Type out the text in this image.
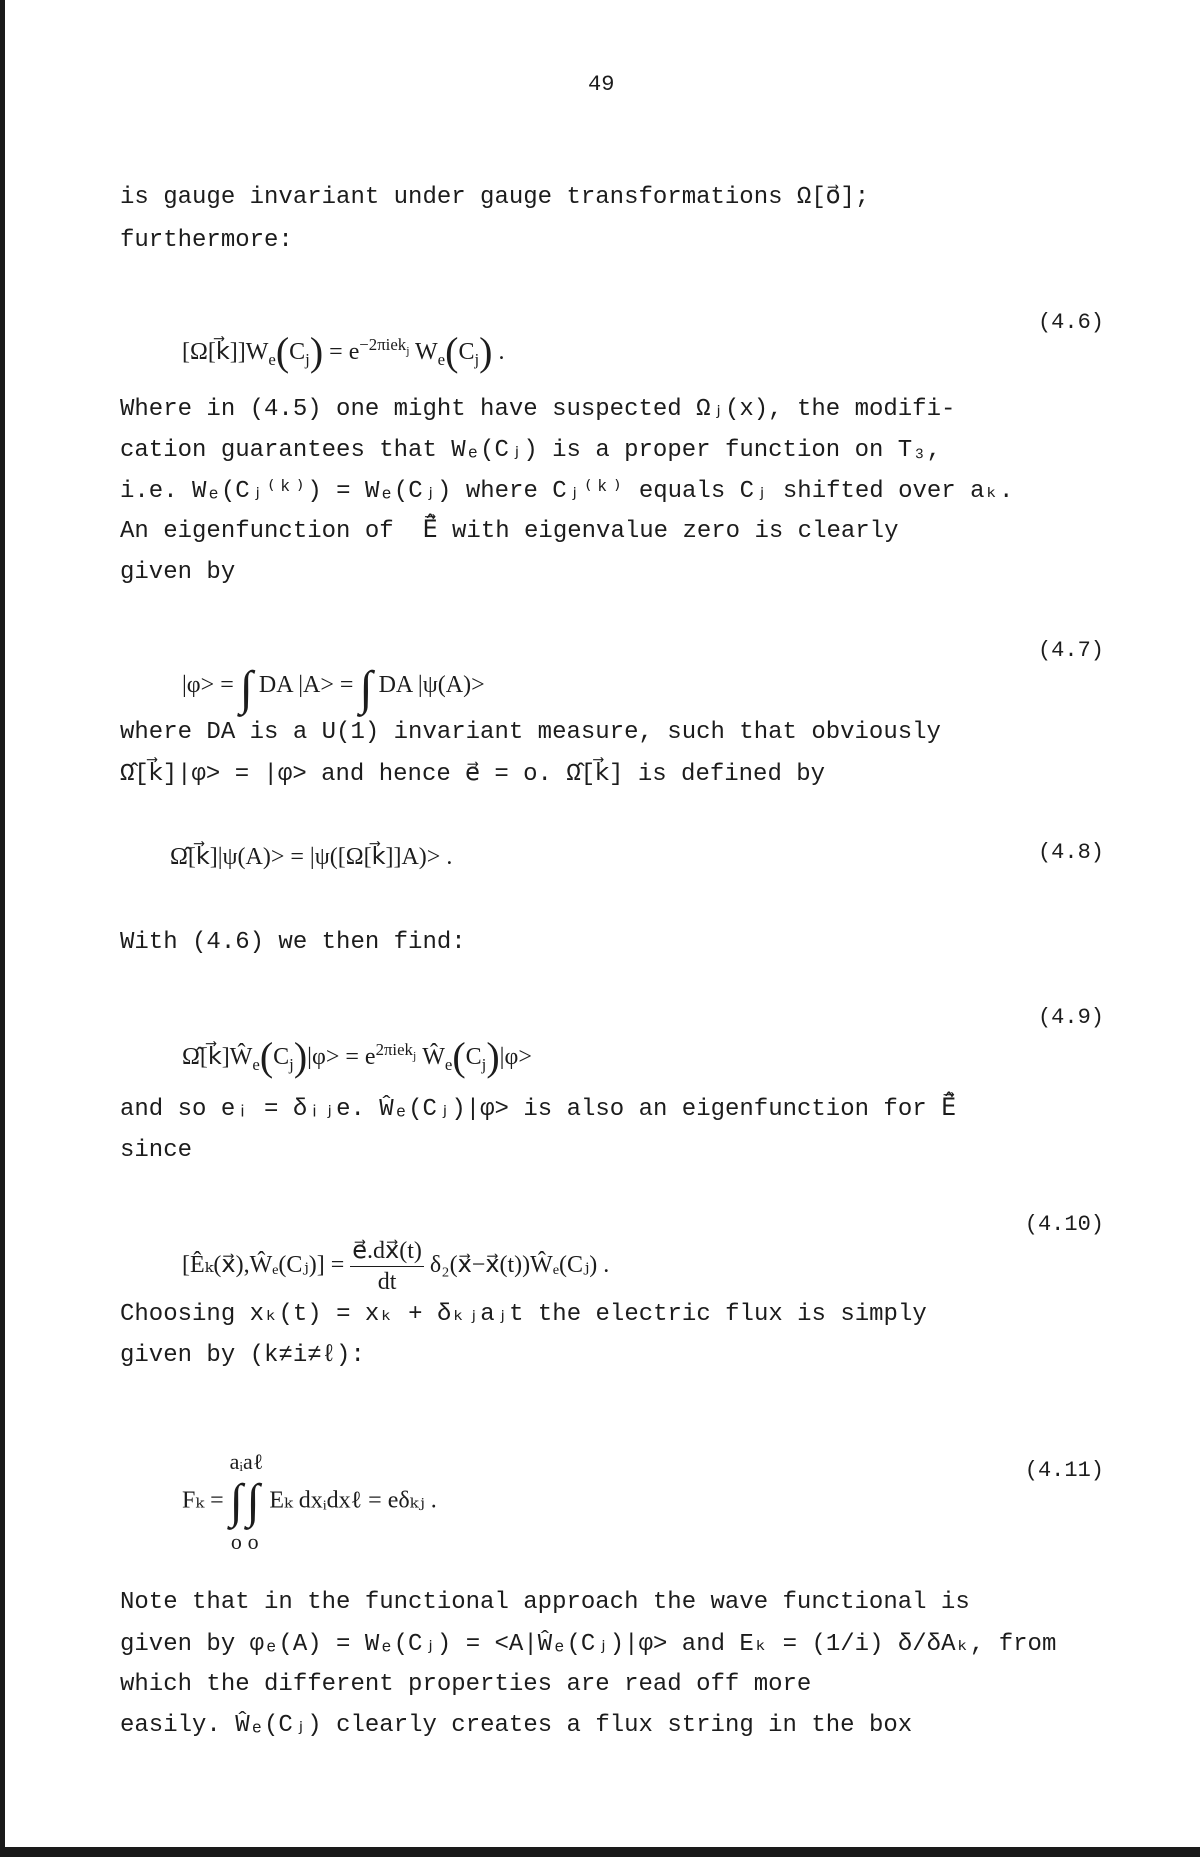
49
is gauge invariant under gauge transformations Ω[o⃗];
furthermore:

$[\Omega[k⃗]]W_e(C_j) = e^{-2\pi iek_j}$ $W_e(C_j)$ .

(4.6)
Where in (4.5) one might have suspected Ωⱼ(x), the modifi-
cation guarantees that Wₑ(Cⱼ) is a proper function on T₃,
i.e. Wₑ(Cⱼ⁽ᵏ⁾) = Wₑ(Cⱼ) where Cⱼ⁽ᵏ⁾ equals Cⱼ shifted over aₖ.
An eigenfunction of  E⃗̂ with eigenvalue zero is clearly
given by

|φ> = ∫ DA |A> = ∫ DA |ψ(A)>

(4.7)
where DA is a U(1) invariant measure, such that obviously
Ω̂[k⃗]|φ> = |φ> and hence e⃗ = o. Ω̂[k⃗] is defined by
Ω̂[k⃗]|ψ(A)> = |ψ([Ω[k⃗]]A)> .	(4.8)
With (4.6) we then find:

$\Omegâ[k⃗]Ŵ_e(C_j)|\varphi> = e^{2\pi iek_j}$ $Ŵ_e(C_j)|\varphi>$

(4.9)
and so eᵢ = δᵢⱼe. Ŵₑ(Cⱼ)|φ> is also an eigenfunction for E⃗̂
since

[Êₖ(x⃗),Ŵₑ(Cⱼ)] = $\frac{e⃗.dx⃗(t)}{dt}$ δ₂(x⃗−x⃗(t))Ŵₑ(Cⱼ) .

(4.10)
Choosing xₖ(t) = xₖ + δₖⱼaⱼt the electric flux is simply
given by (k≠i≠ℓ):

Fₖ =
aᵢ
∫
o
aℓ
∫
o
Eₖ dxᵢdxℓ = eδₖⱼ .

(4.11)
Note that in the functional approach the wave functional is
given by φₑ(A) = Wₑ(Cⱼ) = <A|Ŵₑ(Cⱼ)|φ> and Eₖ = (1/i) δ/δAₖ, from
which the different properties are read off more
easily. Ŵₑ(Cⱼ) clearly creates a flux string in the box
